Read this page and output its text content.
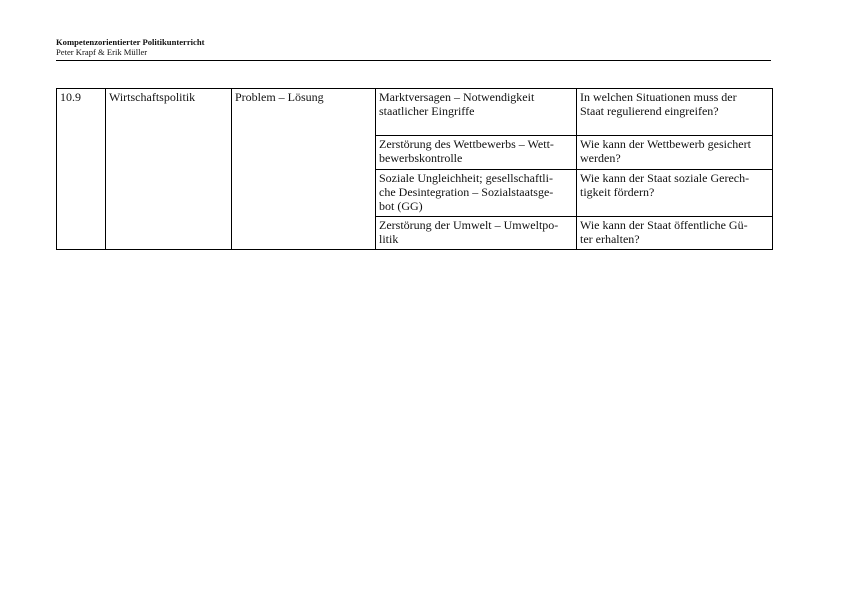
Kompetenzorientierter Politikunterricht
Peter Krapf & Erik Müller
10.9	Wirtschaftspolitik	Problem – Lösung	Marktversagen – Notwendigkeit
staatlicher Eingriffe	In welchen Situationen muss der
Staat regulierend eingreifen?

			Zerstörung des Wettbewerbs – Wett-
bewerbskontrolle	Wie kann der Wettbewerb gesichert
werden?

			Soziale Ungleichheit; gesellschaftli-
che Desintegration – Sozialstaatsge-
bot (GG)	Wie kann der Staat soziale Gerech-
tigkeit fördern?

			Zerstörung der Umwelt – Umweltpo-
litik	Wie kann der Staat öffentliche Gü-
ter erhalten?
